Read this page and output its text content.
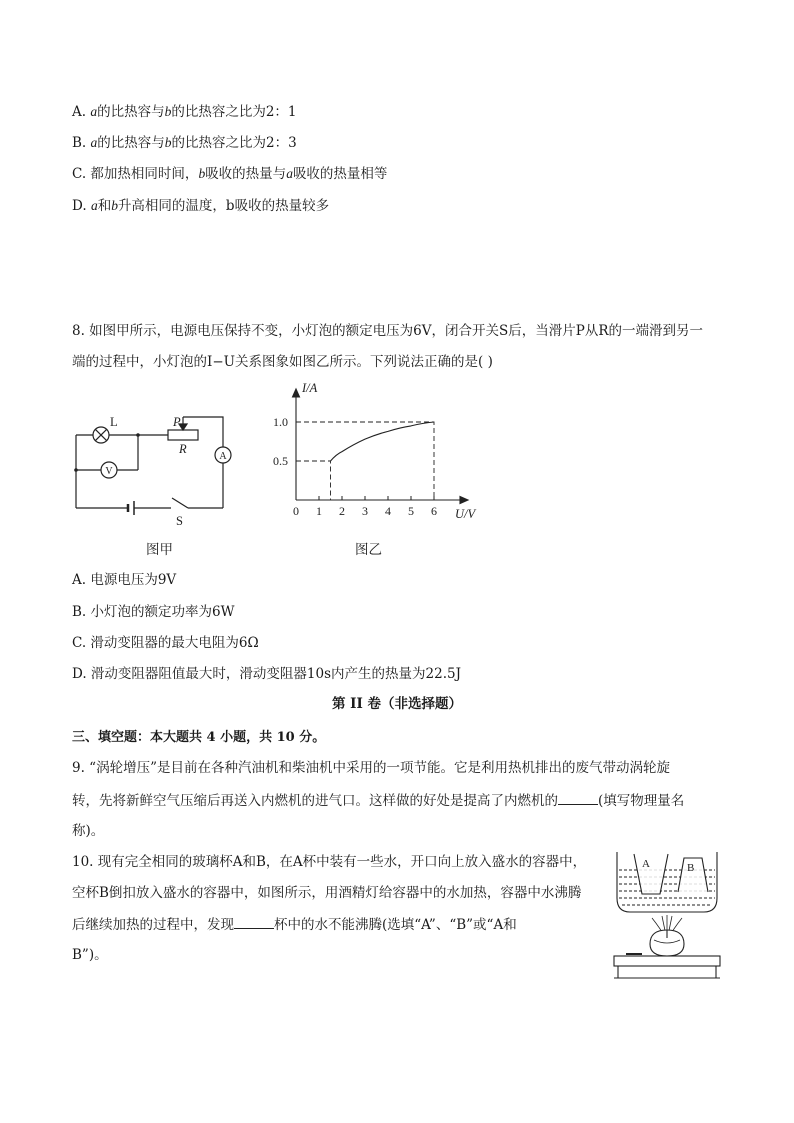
A. a的比热容与b的比热容之比为2：1
B. a的比热容与b的比热容之比为2：3
C. 都加热相同时间，b吸收的热量与a吸收的热量相等
D. a和b升高相同的温度，b吸收的热量较多
8. 如图甲所示，电源电压保持不变，小灯泡的额定电压为6V，闭合开关S后，当滑片P从R的一端滑到另一
端的过程中，小灯泡的I−U关系图象如图乙所示。下列说法正确的是( )
L
V
A
P
R
S
图甲
I/A
U/V
0 1 2 3 4 5 6
0.5
1.0
图乙
A. 电源电压为9V
B. 小灯泡的额定功率为6W
C. 滑动变阻器的最大电阻为6Ω
D. 滑动变阻器阻值最大时，滑动变阻器10s内产生的热量为22.5J
第 II 卷（非选择题）
三、填空题：本大题共 4 小题，共 10 分。
9. “涡轮增压”是目前在各种汽油机和柴油机中采用的一项节能。它是利用热机排出的废气带动涡轮旋
转，先将新鲜空气压缩后再送入内燃机的进气口。这样做的好处是提高了内燃机的	(填写物理量名
称)。
10. 现有完全相同的玻璃杯A和B，在A杯中装有一些水，开口向上放入盛水的容器中，
空杯B倒扣放入盛水的容器中，如图所示，用酒精灯给容器中的水加热，容器中水沸腾
后继续加热的过程中，发现	杯中的水不能沸腾(选填“A”、“B”或“A和
B”)。
A	B
